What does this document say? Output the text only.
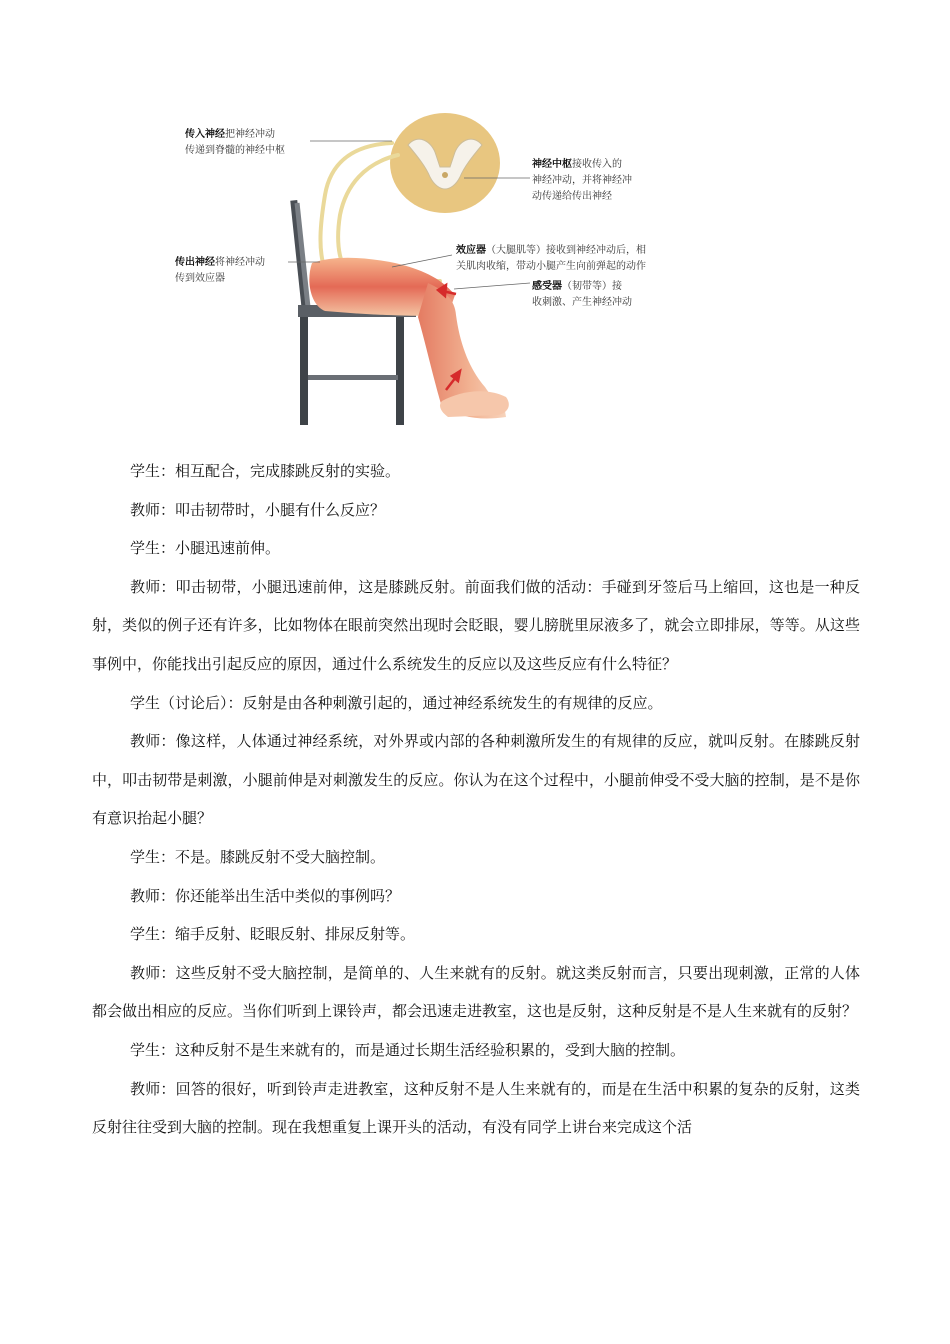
传入神经把神经冲动
传递到脊髓的神经中枢
神经中枢接收传入的
神经冲动，并将神经冲
动传递给传出神经
传出神经将神经冲动
传到效应器
效应器（大腿肌等）接收到神经冲动后，相
关肌肉收缩，带动小腿产生向前弹起的动作
感受器（韧带等）接
收刺激、产生神经冲动

学生：相互配合，完成膝跳反射的实验。

教师：叩击韧带时，小腿有什么反应？

学生：小腿迅速前伸。

教师：叩击韧带，小腿迅速前伸，这是膝跳反射。前面我们做的活动：手碰到牙签后马上缩回，这也是一种反射，类似的例子还有许多，比如物体在眼前突然出现时会眨眼，婴儿膀胱里尿液多了，就会立即排尿，等等。从这些事例中，你能找出引起反应的原因，通过什么系统发生的反应以及这些反应有什么特征？

学生（讨论后）：反射是由各种刺激引起的，通过神经系统发生的有规律的反应。

教师：像这样，人体通过神经系统，对外界或内部的各种刺激所发生的有规律的反应，就叫反射。在膝跳反射中，叩击韧带是刺激，小腿前伸是对刺激发生的反应。你认为在这个过程中，小腿前伸受不受大脑的控制，是不是你有意识抬起小腿？

学生：不是。膝跳反射不受大脑控制。

教师：你还能举出生活中类似的事例吗？

学生：缩手反射、眨眼反射、排尿反射等。

教师：这些反射不受大脑控制，是简单的、人生来就有的反射。就这类反射而言，只要出现刺激，正常的人体都会做出相应的反应。当你们听到上课铃声，都会迅速走进教室，这也是反射，这种反射是不是人生来就有的反射？

学生：这种反射不是生来就有的，而是通过长期生活经验积累的，受到大脑的控制。

教师：回答的很好，听到铃声走进教室，这种反射不是人生来就有的，而是在生活中积累的复杂的反射，这类反射往往受到大脑的控制。现在我想重复上课开头的活动，有没有同学上讲台来完成这个活
